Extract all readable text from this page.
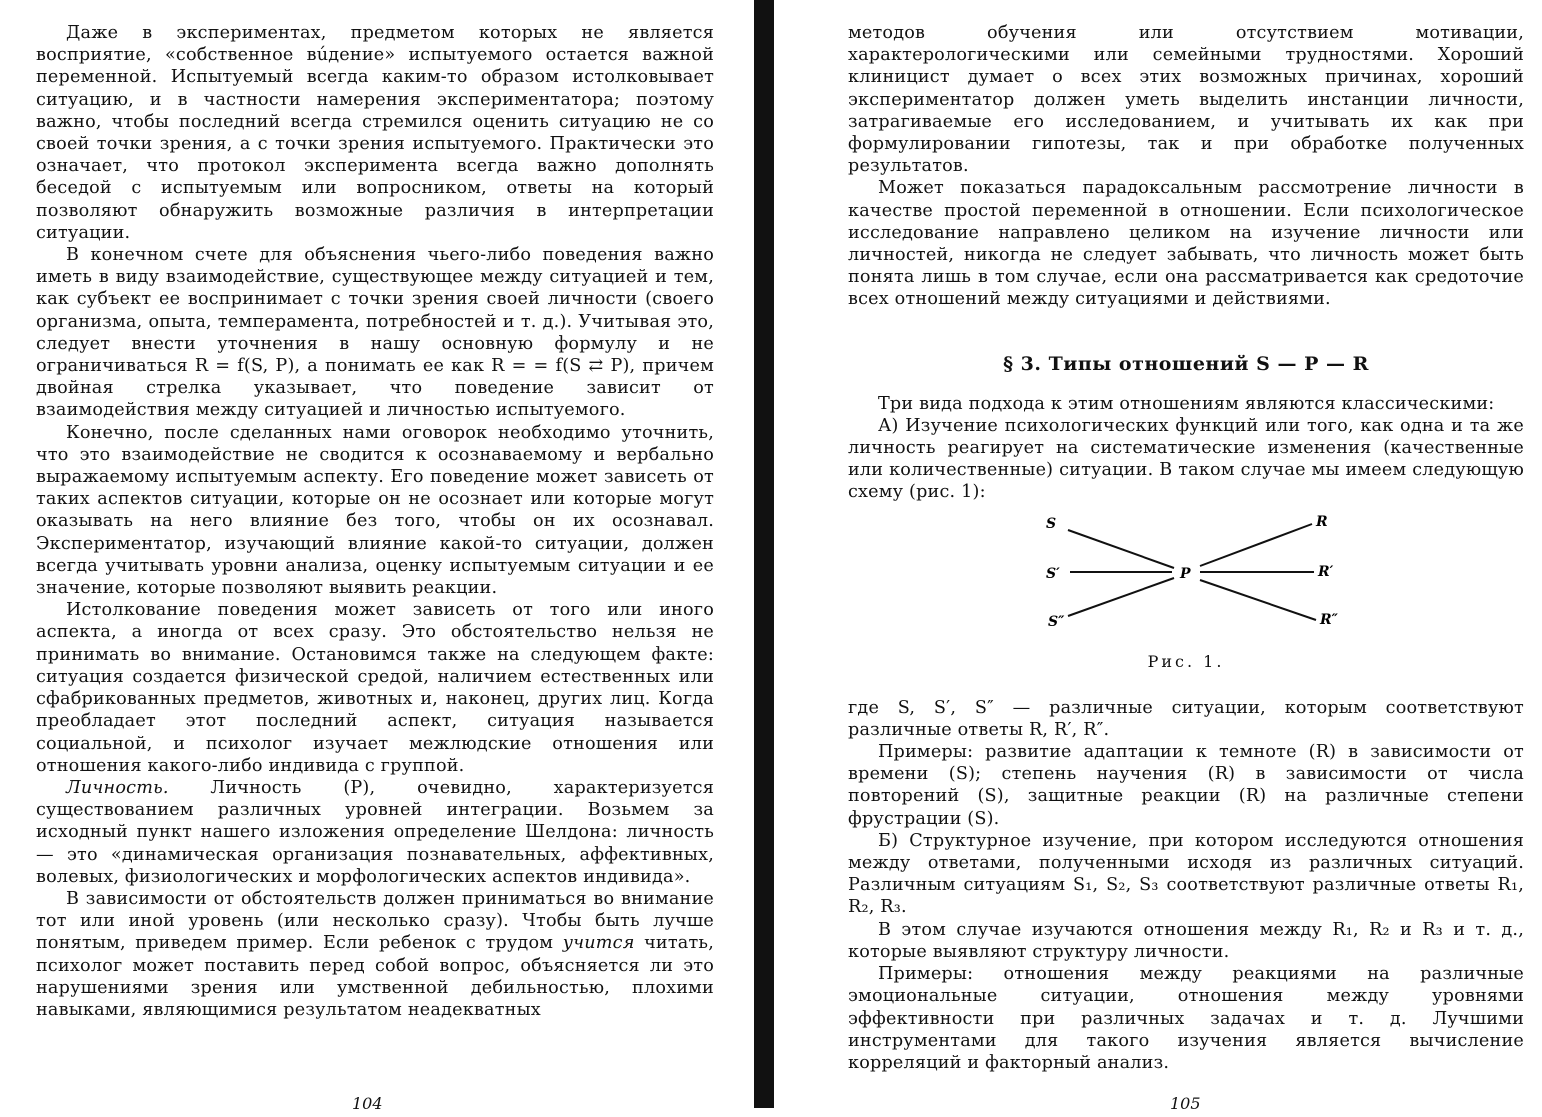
Даже в экспериментах, предметом которых не является восприятие, «собственное вúдение» испытуемого остается важной переменной. Испытуемый всегда каким-то образом истолковывает ситуацию, и в частности намерения экспериментатора; поэтому важно, чтобы последний всегда стремился оценить ситуацию не со своей точки зрения, а с точки зрения испытуемого. Практически это означает, что протокол эксперимента всегда важно дополнять беседой с испытуемым или вопросником, ответы на который позволяют обнаружить возможные различия в интерпретации ситуации.

В конечном счете для объяснения чьего-либо поведения важно иметь в виду взаимодействие, существующее между ситуацией и тем, как субъект ее воспринимает с точки зрения своей личности (своего организма, опыта, темперамента, потребностей и т. д.). Учитывая это, следует внести уточнения в нашу основную формулу и не ограничиваться R = f(S, P), а понимать ее как R = = f(S ⇄ P), причем двойная стрелка указывает, что поведение зависит от взаимодействия между ситуацией и личностью испытуемого.

Конечно, после сделанных нами оговорок необходимо уточнить, что это взаимодействие не сводится к осознаваемому и вербально выражаемому испытуемым аспекту. Его поведение может зависеть от таких аспектов ситуации, которые он не осознает или которые могут оказывать на него влияние без того, чтобы он их осознавал. Экспериментатор, изучающий влияние какой-то ситуации, должен всегда учитывать уровни анализа, оценку испытуемым ситуации и ее значение, которые позволяют выявить реакции.

Истолкование поведения может зависеть от того или иного аспекта, а иногда от всех сразу. Это обстоятельство нельзя не принимать во внимание. Остановимся также на следующем факте: ситуация создается физической средой, наличием естественных или сфабрикованных предметов, животных и, наконец, других лиц. Когда преобладает этот последний аспект, ситуация называется социальной, и психолог изучает межлюдские отношения или отношения какого-либо индивида с группой.

Личность. Личность (P), очевидно, характеризуется существованием различных уровней интеграции. Возьмем за исходный пункт нашего изложения определение Шелдона: личность — это «динамическая организация познавательных, аффективных, волевых, физиологических и морфологических аспектов индивида».

В зависимости от обстоятельств должен приниматься во внимание тот или иной уровень (или несколько сразу). Чтобы быть лучше понятым, приведем пример. Если ребенок с трудом учится читать, психолог может поставить перед собой вопрос, объясняется ли это нарушениями зрения или умственной дебильностью, плохими навыками, являющимися результатом неадекватных

104

методов обучения или отсутствием мотивации, характерологическими или семейными трудностями. Хороший клиницист думает о всех этих возможных причинах, хороший экспериментатор должен уметь выделить инстанции личности, затрагиваемые его исследованием, и учитывать их как при формулировании гипотезы, так и при обработке полученных результатов.

Может показаться парадоксальным рассмотрение личности в качестве простой переменной в отношении. Если психологическое исследование направлено целиком на изучение личности или личностей, никогда не следует забывать, что личность может быть понята лишь в том случае, если она рассматривается как средоточие всех отношений между ситуациями и действиями.

§ 3. Типы отношений S — P — R

Три вида подхода к этим отношениям являются классическими:

А) Изучение психологических функций или того, как одна и та же личность реагирует на систематические изменения (качественные или количественные) ситуации. В таком случае мы имеем следующую схему (рис. 1):

S
S′
S″
P
R
R′
R″
Рис. 1.

где S, S′, S″ — различные ситуации, которым соответствуют различные ответы R, R′, R″.

Примеры: развитие адаптации к темноте (R) в зависимости от времени (S); степень научения (R) в зависимости от числа повторений (S), защитные реакции (R) на различные степени фрустрации (S).

Б) Структурное изучение, при котором исследуются отношения между ответами, полученными исходя из различных ситуаций. Различным ситуациям S₁, S₂, S₃ соответствуют различные ответы R₁, R₂, R₃.

В этом случае изучаются отношения между R₁, R₂ и R₃ и т. д., которые выявляют структуру личности.

Примеры: отношения между реакциями на различные эмоциональные ситуации, отношения между уровнями эффективности при различных задачах и т. д. Лучшими инструментами для такого изучения является вычисление корреляций и факторный анализ.

105
